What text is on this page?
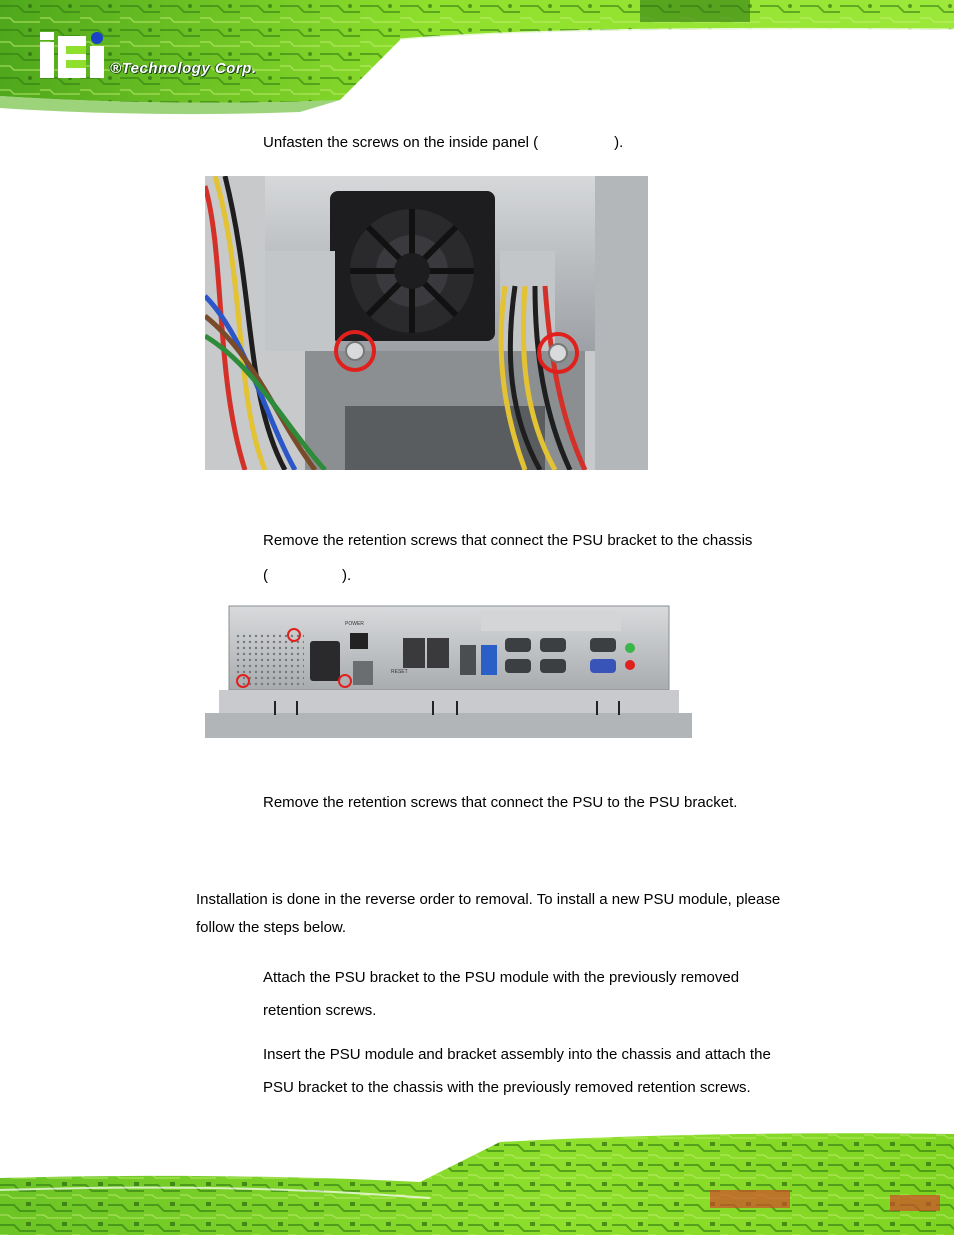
®Technology Corp.
Unfasten the screws on the inside panel (	).
Remove the retention screws that connect the PSU bracket to the chassis
(	).
POWER
RESET
Remove the retention screws that connect the PSU to the PSU bracket.
Installation is done in the reverse order to removal. To install a new PSU module, please
follow the steps below.
Attach the PSU bracket to the PSU module with the previously removed
retention screws.
Insert the PSU module and bracket assembly into the chassis and attach the
PSU bracket to the chassis with the previously removed retention screws.
